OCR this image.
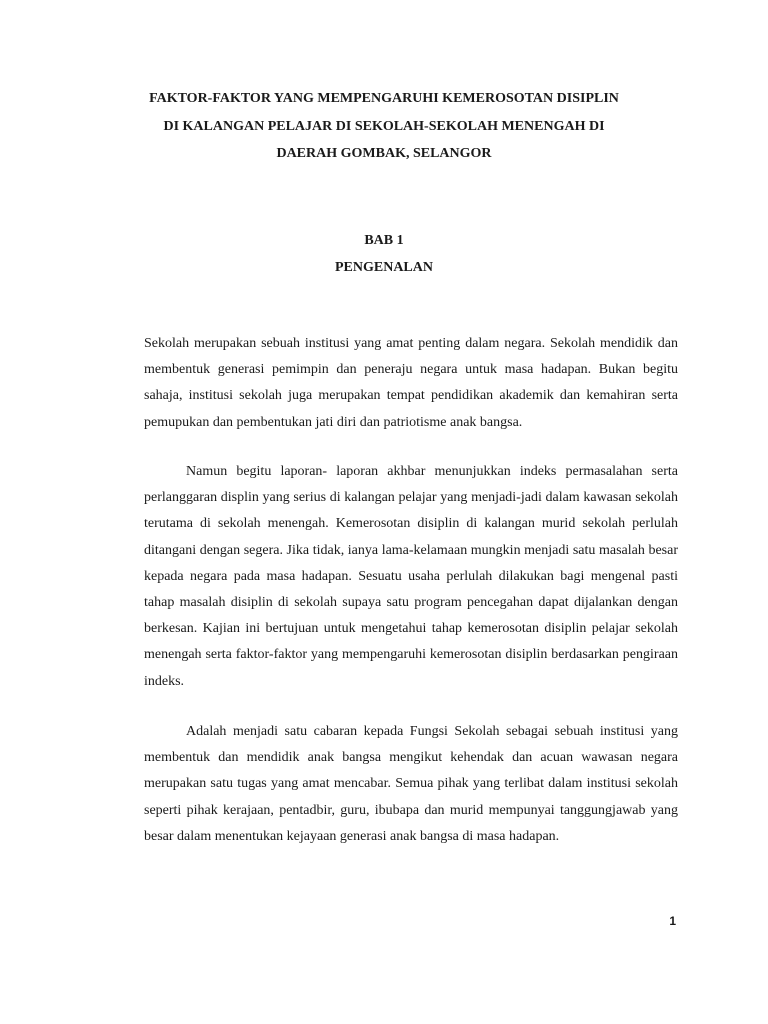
FAKTOR-FAKTOR YANG MEMPENGARUHI KEMEROSOTAN DISIPLIN
DI KALANGAN PELAJAR DI SEKOLAH-SEKOLAH MENENGAH DI
DAERAH GOMBAK, SELANGOR
BAB 1
PENGENALAN

Sekolah merupakan sebuah institusi yang amat penting dalam negara. Sekolah mendidik dan membentuk generasi pemimpin dan peneraju negara untuk masa hadapan. Bukan begitu sahaja, institusi sekolah juga merupakan tempat pendidikan akademik dan kemahiran serta pemupukan dan pembentukan jati diri dan patriotisme anak bangsa.

Namun begitu laporan- laporan akhbar menunjukkan indeks permasalahan serta perlanggaran displin yang serius di kalangan pelajar yang menjadi-jadi dalam kawasan sekolah terutama di sekolah menengah. Kemerosotan disiplin di kalangan murid sekolah perlulah ditangani dengan segera. Jika tidak, ianya lama-kelamaan mungkin menjadi satu masalah besar kepada negara pada masa hadapan. Sesuatu usaha perlulah dilakukan bagi mengenal pasti tahap masalah disiplin di sekolah supaya satu program pencegahan dapat dijalankan dengan berkesan. Kajian ini bertujuan untuk mengetahui tahap kemerosotan disiplin pelajar sekolah menengah serta faktor-faktor yang mempengaruhi kemerosotan disiplin berdasarkan pengiraan indeks.

Adalah menjadi satu cabaran kepada Fungsi Sekolah sebagai sebuah institusi yang membentuk dan mendidik anak bangsa mengikut kehendak dan acuan wawasan negara merupakan satu tugas yang amat mencabar. Semua pihak yang terlibat dalam institusi sekolah seperti pihak kerajaan, pentadbir, guru, ibubapa dan murid mempunyai tanggungjawab yang besar dalam menentukan kejayaan generasi anak bangsa di masa hadapan.

1
